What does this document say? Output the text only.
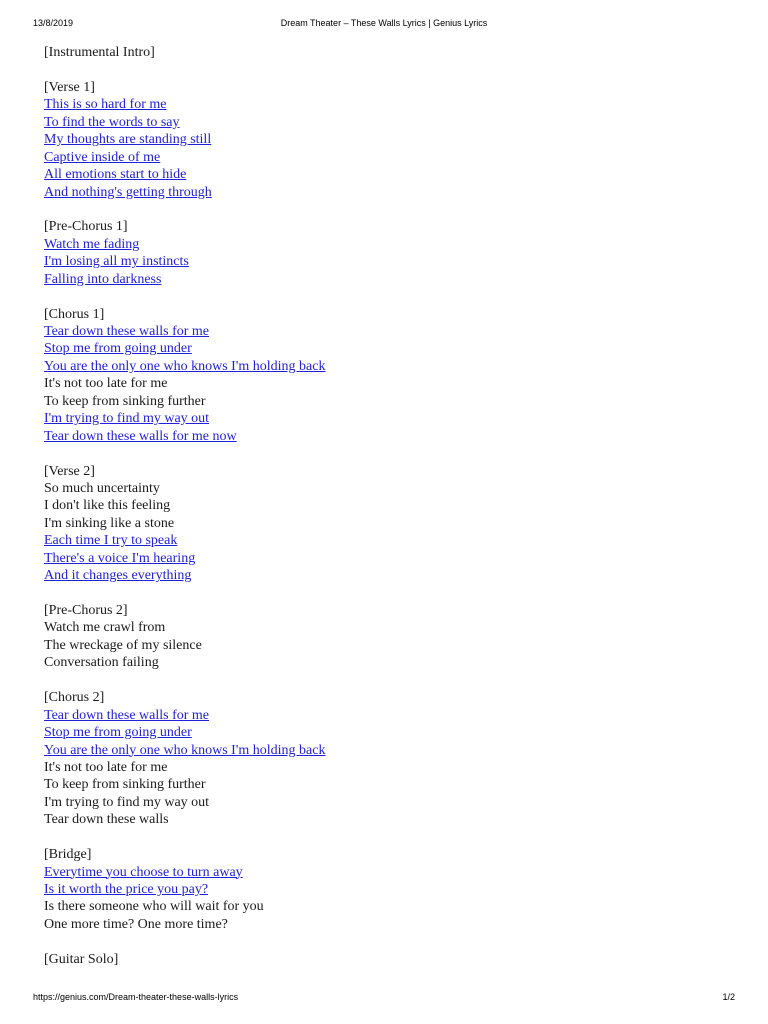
13/8/2019	Dream Theater – These Walls Lyrics | Genius Lyrics
[Instrumental Intro]
[Verse 1]
This is so hard for me
To find the words to say
My thoughts are standing still
Captive inside of me
All emotions start to hide
And nothing's getting through
[Pre-Chorus 1]
Watch me fading
I'm losing all my instincts
Falling into darkness
[Chorus 1]
Tear down these walls for me
Stop me from going under
You are the only one who knows I'm holding back
It's not too late for me
To keep from sinking further
I'm trying to find my way out
Tear down these walls for me now
[Verse 2]
So much uncertainty
I don't like this feeling
I'm sinking like a stone
Each time I try to speak
There's a voice I'm hearing
And it changes everything
[Pre-Chorus 2]
Watch me crawl from
The wreckage of my silence
Conversation failing
[Chorus 2]
Tear down these walls for me
Stop me from going under
You are the only one who knows I'm holding back
It's not too late for me
To keep from sinking further
I'm trying to find my way out
Tear down these walls
[Bridge]
Everytime you choose to turn away
Is it worth the price you pay?
Is there someone who will wait for you
One more time? One more time?
[Guitar Solo]
https://genius.com/Dream-theater-these-walls-lyrics	1/2
